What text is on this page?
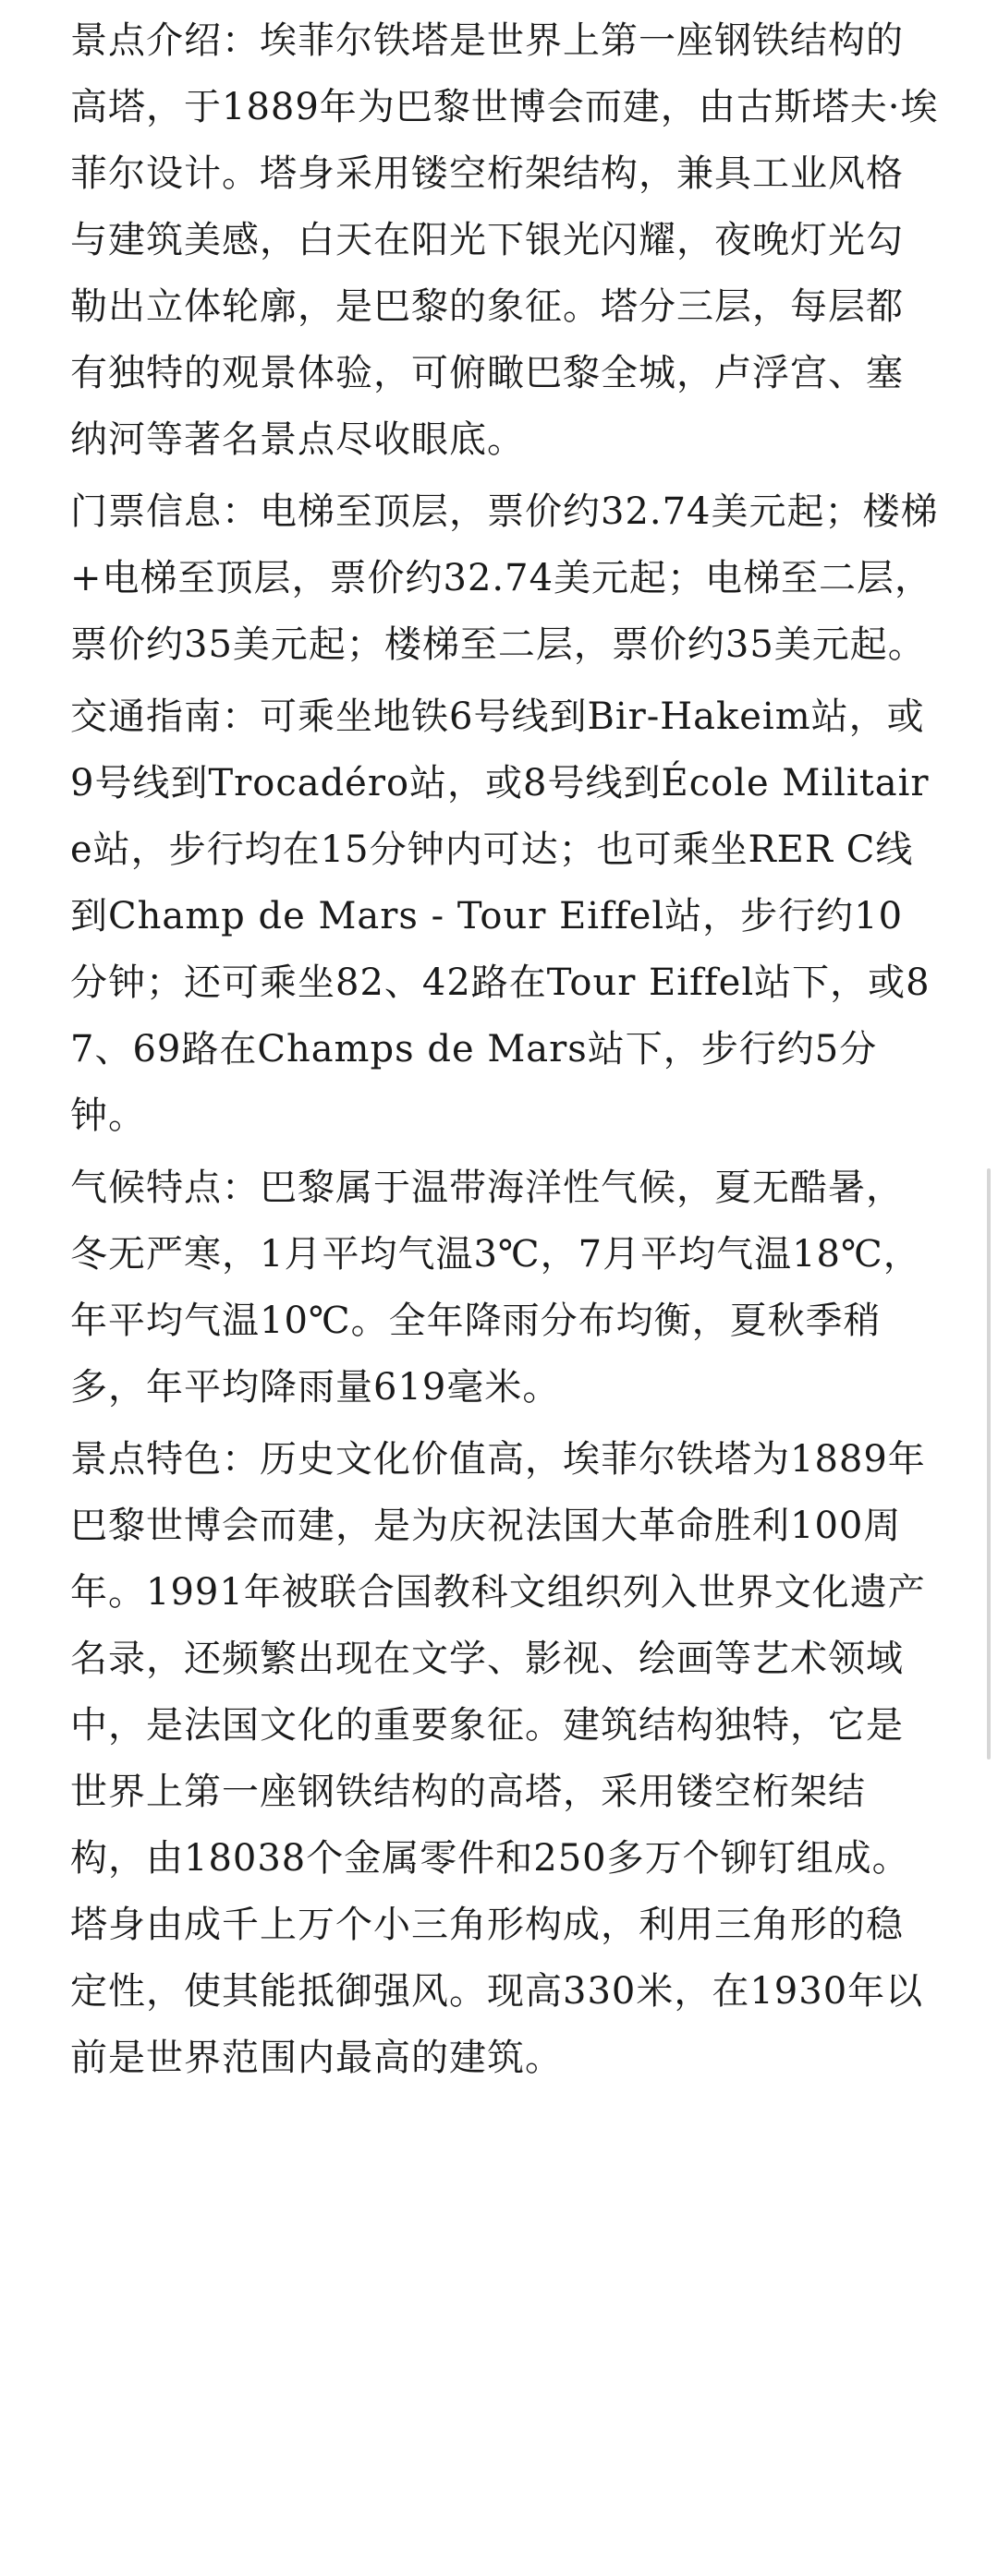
景点介绍：埃菲尔铁塔是世界上第一座钢铁结构的高塔，于1889年为巴黎世博会而建，由古斯塔夫·埃菲尔设计。塔身采用镂空桁架结构，兼具工业风格与建筑美感，白天在阳光下银光闪耀，夜晚灯光勾勒出立体轮廓，是巴黎的象征。塔分三层，每层都有独特的观景体验，可俯瞰巴黎全城，卢浮宫、塞纳河等著名景点尽收眼底。

门票信息：电梯至顶层，票价约32.74美元起；楼梯+电梯至顶层，票价约32.74美元起；电梯至二层，票价约35美元起；楼梯至二层，票价约35美元起。

交通指南：可乘坐地铁6号线到Bir-Hakeim站，或9号线到Trocadéro站，或8号线到École Militaire站，步行均在15分钟内可达；也可乘坐RER C线到Champ de Mars - Tour Eiffel站，步行约10分钟；还可乘坐82、42路在Tour Eiffel站下，或87、69路在Champs de Mars站下，步行约5分钟。

气候特点：巴黎属于温带海洋性气候，夏无酷暑，冬无严寒，1月平均气温3℃，7月平均气温18℃，年平均气温10℃。全年降雨分布均衡，夏秋季稍多，年平均降雨量619毫米。

景点特色：历史文化价值高，埃菲尔铁塔为1889年巴黎世博会而建，是为庆祝法国大革命胜利100周年。1991年被联合国教科文组织列入世界文化遗产名录，还频繁出现在文学、影视、绘画等艺术领域中，是法国文化的重要象征。建筑结构独特，它是世界上第一座钢铁结构的高塔，采用镂空桁架结构，由18038个金属零件和250多万个铆钉组成。塔身由成千上万个小三角形构成，利用三角形的稳定性，使其能抵御强风。现高330米，在1930年以前是世界范围内最高的建筑。
